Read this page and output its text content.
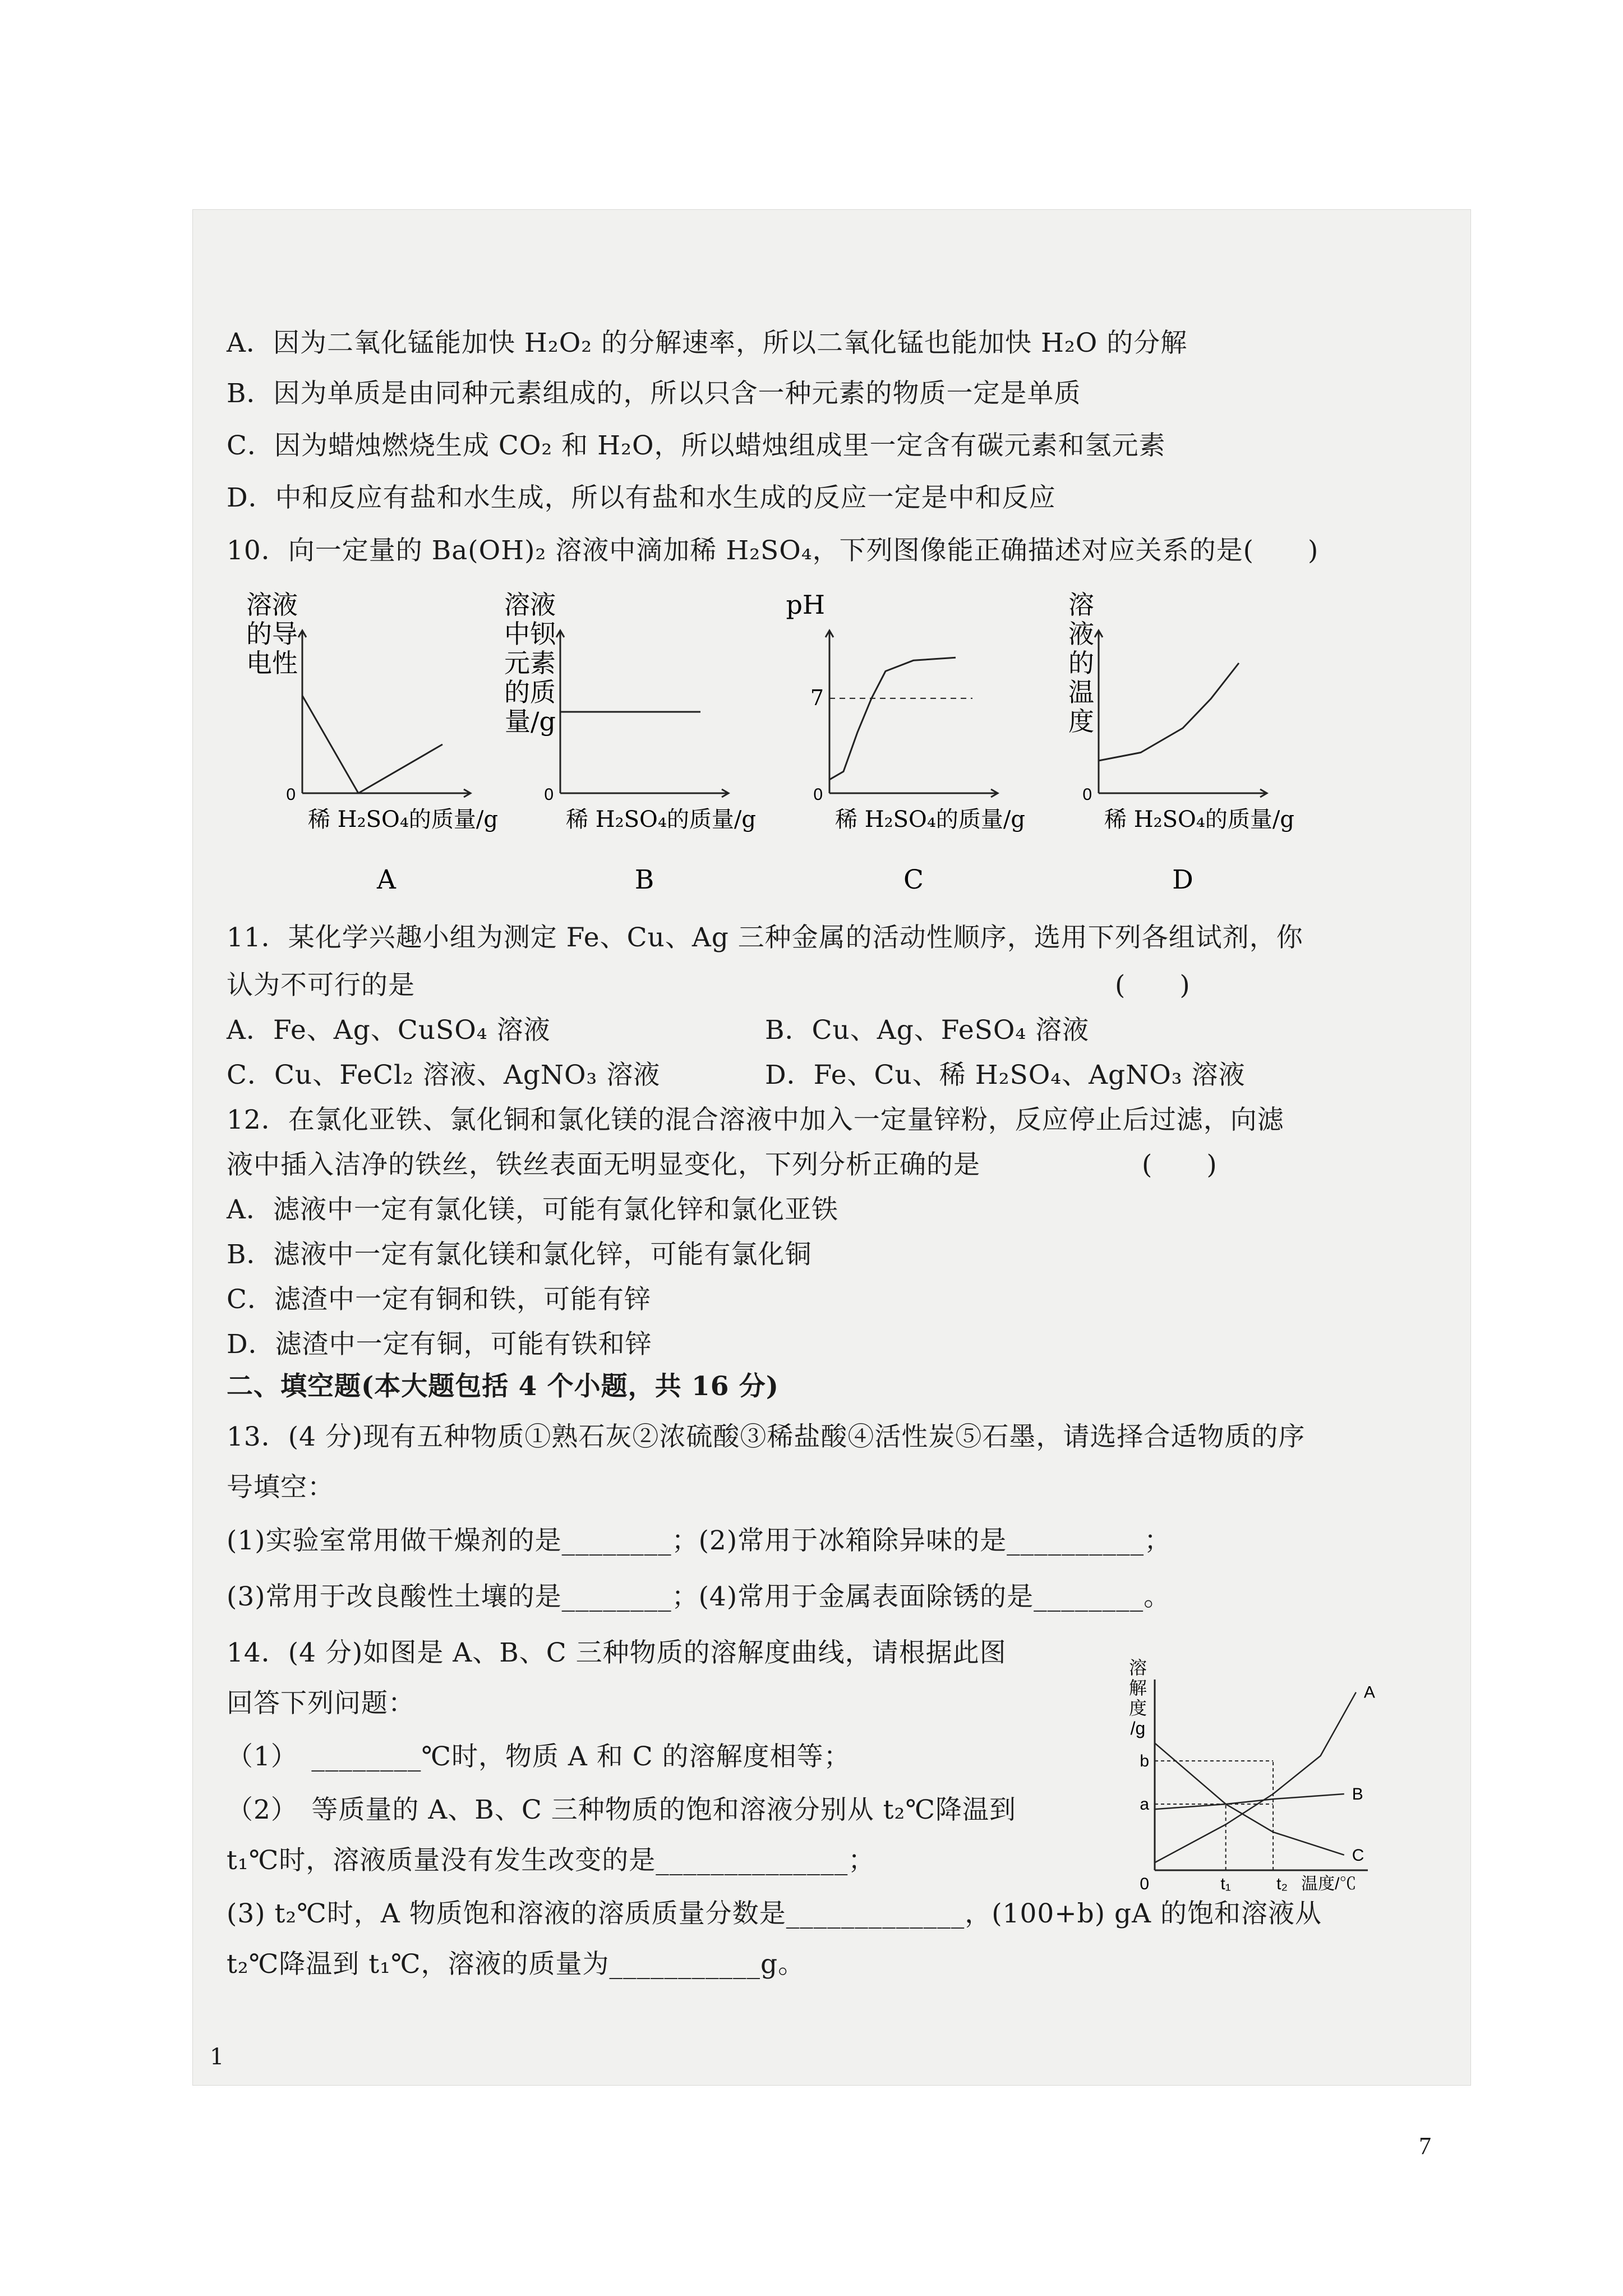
A．因为二氧化锰能加快 H₂O₂ 的分解速率，所以二氧化锰也能加快 H₂O 的分解
B．因为单质是由同种元素组成的，所以只含一种元素的物质一定是单质
C．因为蜡烛燃烧生成 CO₂ 和 H₂O，所以蜡烛组成里一定含有碳元素和氢元素
D．中和反应有盐和水生成，所以有盐和水生成的反应一定是中和反应
10．向一定量的 Ba(OH)₂ 溶液中滴加稀 H₂SO₄，下列图像能正确描述对应关系的是(　　)
溶液
的导
电性
0
稀 H₂SO₄的质量/g
A
溶液
中钡
元素
的质
量/g
0
稀 H₂SO₄的质量/g
B
pH
0
稀 H₂SO₄的质量/g
C
7
溶
液
的
温
度
0
稀 H₂SO₄的质量/g
D
11．某化学兴趣小组为测定 Fe、Cu、Ag 三种金属的活动性顺序，选用下列各组试剂，你
认为不可行的是　　　　　　　　　　　　　　　　　　　　　　　　　　(　　)
A．Fe、Ag、CuSO₄ 溶液	B．Cu、Ag、FeSO₄ 溶液
C．Cu、FeCl₂ 溶液、AgNO₃ 溶液	D．Fe、Cu、稀 H₂SO₄、AgNO₃ 溶液
12．在氯化亚铁、氯化铜和氯化镁的混合溶液中加入一定量锌粉，反应停止后过滤，向滤
液中插入洁净的铁丝，铁丝表面无明显变化，下列分析正确的是　　　　　　(　　)
A．滤液中一定有氯化镁，可能有氯化锌和氯化亚铁
B．滤液中一定有氯化镁和氯化锌，可能有氯化铜
C．滤渣中一定有铜和铁，可能有锌
D．滤渣中一定有铜，可能有铁和锌
二、填空题(本大题包括 4 个小题，共 16 分)
13．(4 分)现有五种物质①熟石灰②浓硫酸③稀盐酸④活性炭⑤石墨，请选择合适物质的序
号填空：
(1)实验室常用做干燥剂的是________；(2)常用于冰箱除异味的是__________；
(3)常用于改良酸性土壤的是________；(4)常用于金属表面除锈的是________。
14．(4 分)如图是 A、B、C 三种物质的溶解度曲线，请根据此图
回答下列问题：
（1）　________℃时，物质 A 和 C 的溶解度相等；
（2）　等质量的 A、B、C 三种物质的饱和溶液分别从 t₂℃降温到
t₁℃时，溶液质量没有发生改变的是______________；
(3) t₂℃时，A 物质饱和溶液的溶质质量分数是_____________，(100+b) gA 的饱和溶液从
t₂℃降温到 t₁℃，溶液的质量为___________g。
溶
解
度
/g
0
A
B
C
a
b
t₁	t₂ 温度/℃
1
7
